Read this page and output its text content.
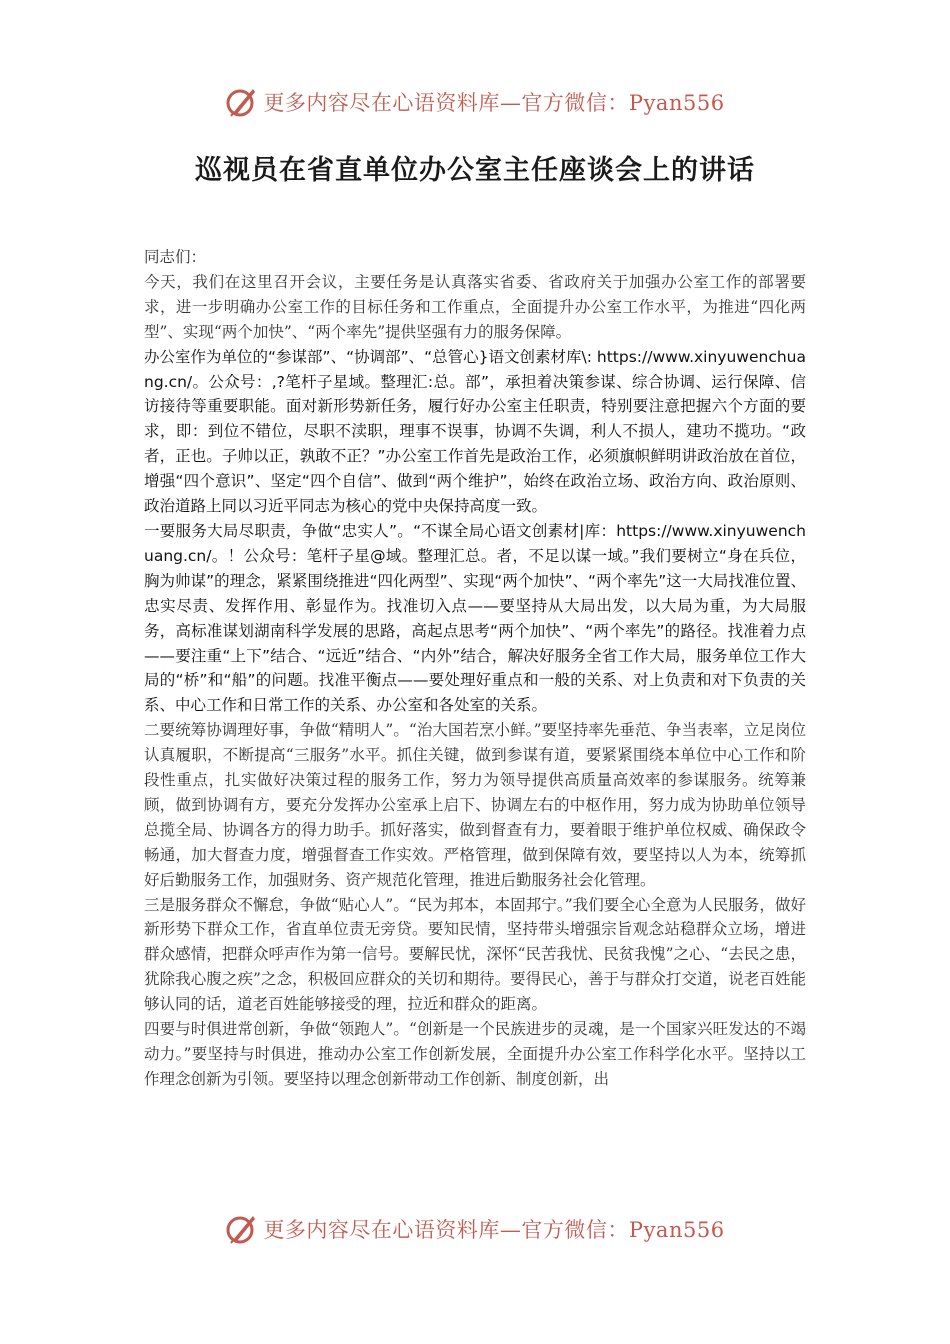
更多内容尽在心语资料库—官方微信：Pyan556
巡视员在省直单位办公室主任座谈会上的讲话

同志们：

今天，我们在这里召开会议，主要任务是认真落实省委、省政府关于加强办公室工作的部署要求，进一步明确办公室工作的目标任务和工作重点，全面提升办公室工作水平，为推进“四化两型”、实现“两个加快”、“两个率先”提供坚强有力的服务保障。

办公室作为单位的“参谋部”、“协调部”、“总管心}语文创素材库\: https://www.xinyuwenchuang.cn/。公众号：,?笔杆子星域。整理汇:总。部”，承担着决策参谋、综合协调、运行保障、信访接待等重要职能。面对新形势新任务，履行好办公室主任职责，特别要注意把握六个方面的要求，即：到位不错位，尽职不渎职，理事不误事，协调不失调，利人不损人，建功不揽功。“政者，正也。子帅以正，孰敢不正？”办公室工作首先是政治工作，必须旗帜鲜明讲政治放在首位，增强“四个意识”、坚定“四个自信”、做到“两个维护”，始终在政治立场、政治方向、政治原则、政治道路上同以习近平同志为核心的党中央保持高度一致。

一要服务大局尽职责，争做“忠实人”。“不谋全局心语文创素材|库：https://www.xinyuwenchuang.cn/。！公众号：笔杆子星@域。整理汇总。者，不足以谋一域。”我们要树立“身在兵位，胸为帅谋”的理念，紧紧围绕推进“四化两型”、实现“两个加快”、“两个率先”这一大局找准位置、忠实尽责、发挥作用、彰显作为。找准切入点——要坚持从大局出发，以大局为重，为大局服务，高标准谋划湖南科学发展的思路，高起点思考“两个加快”、“两个率先”的路径。找准着力点——要注重“上下”结合、“远近”结合、“内外”结合，解决好服务全省工作大局，服务单位工作大局的“桥”和“船”的问题。找准平衡点——要处理好重点和一般的关系、对上负责和对下负责的关系、中心工作和日常工作的关系、办公室和各处室的关系。

二要统筹协调理好事，争做“精明人”。“治大国若烹小鲜。”要坚持率先垂范、争当表率，立足岗位认真履职，不断提高“三服务”水平。抓住关键，做到参谋有道，要紧紧围绕本单位中心工作和阶段性重点，扎实做好决策过程的服务工作，努力为领导提供高质量高效率的参谋服务。统筹兼顾，做到协调有方，要充分发挥办公室承上启下、协调左右的中枢作用，努力成为协助单位领导总揽全局、协调各方的得力助手。抓好落实，做到督查有力，要着眼于维护单位权威、确保政令畅通，加大督查力度，增强督查工作实效。严格管理，做到保障有效，要坚持以人为本，统筹抓好后勤服务工作，加强财务、资产规范化管理，推进后勤服务社会化管理。

三是服务群众不懈怠，争做“贴心人”。“民为邦本，本固邦宁。”我们要全心全意为人民服务，做好新形势下群众工作，省直单位责无旁贷。要知民情，坚持带头增强宗旨观念站稳群众立场，增进群众感情，把群众呼声作为第一信号。要解民忧，深怀“民苦我忧、民贫我愧”之心、“去民之患，犹除我心腹之疾”之念，积极回应群众的关切和期待。要得民心，善于与群众打交道，说老百姓能够认同的话，道老百姓能够接受的理，拉近和群众的距离。

四要与时俱进常创新，争做“领跑人”。“创新是一个民族进步的灵魂，是一个国家兴旺发达的不竭动力。”要坚持与时俱进，推动办公室工作创新发展，全面提升办公室工作科学化水平。坚持以工作理念创新为引领。要坚持以理念创新带动工作创新、制度创新，出

更多内容尽在心语资料库—官方微信：Pyan556
